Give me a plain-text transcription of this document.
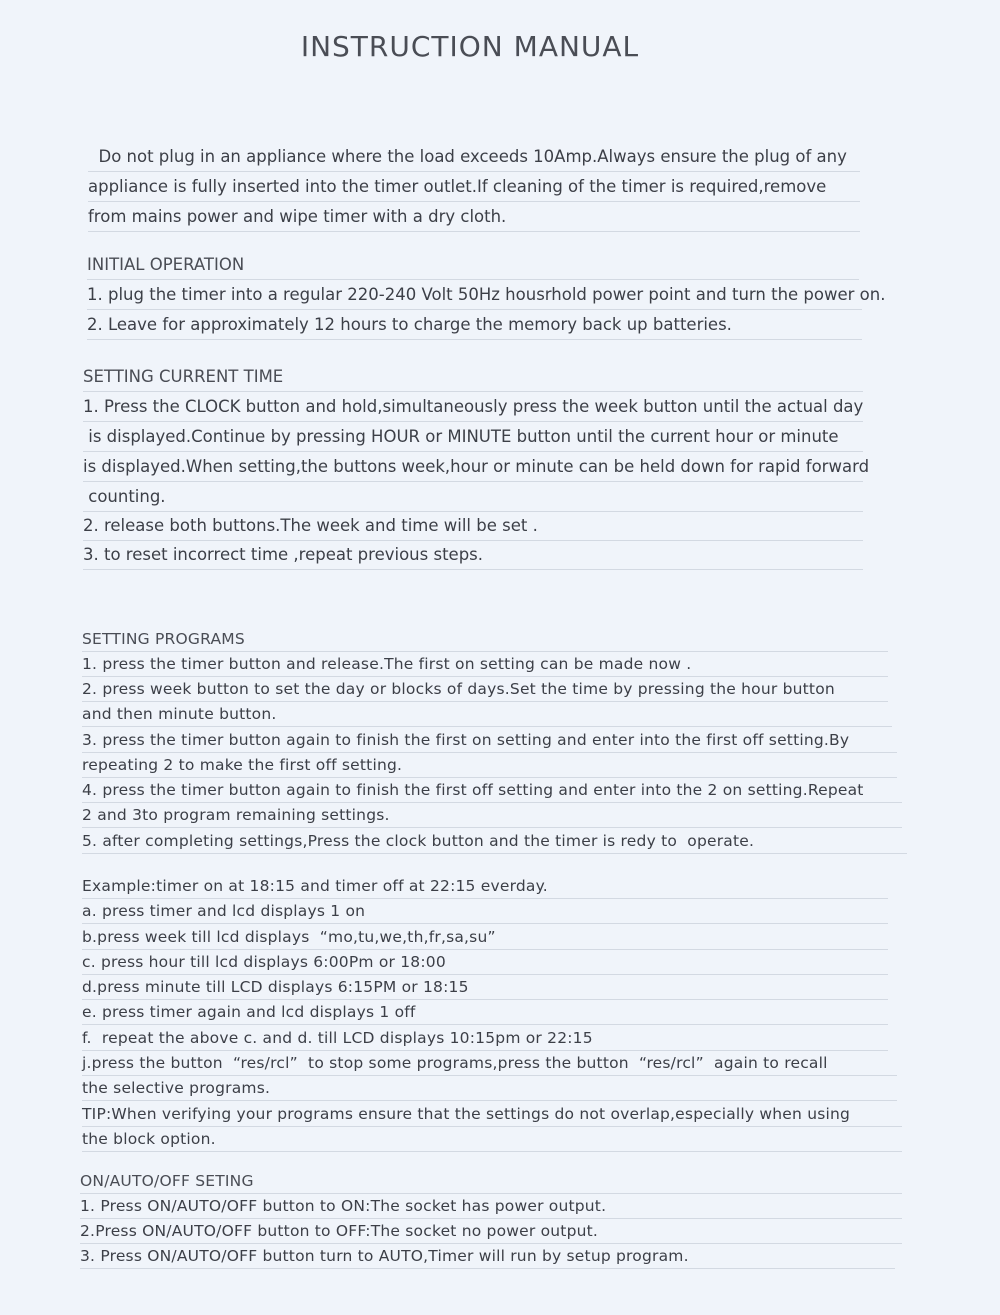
INSTRUCTION MANUAL
Do not plug in an appliance where the load exceeds 10Amp.Always ensure the plug of any
appliance is fully inserted into the timer outlet.If cleaning of the timer is required,remove
from mains power and wipe timer with a dry cloth.
INITIAL OPERATION
1. plug the timer into a regular 220-240 Volt 50Hz housrhold power point and turn the power on.
2. Leave for approximately 12 hours to charge the memory back up batteries.
SETTING CURRENT TIME
1. Press the CLOCK button and hold,simultaneously press the week button until the actual day
is displayed.Continue by pressing HOUR or MINUTE button until the current hour or minute
is displayed.When setting,the buttons week,hour or minute can be held down for rapid forward
counting.
2. release both buttons.The week and time will be set .
3. to reset incorrect time ,repeat previous steps.
SETTING PROGRAMS
1. press the timer button and release.The first on setting can be made now .
2. press week button to set the day or blocks of days.Set the time by pressing the hour button
and then minute button.
3. press the timer button again to finish the first on setting and enter into the first off setting.By
repeating 2 to make the first off setting.
4. press the timer button again to finish the first off setting and enter into the 2 on setting.Repeat
2 and 3to program remaining settings.
5. after completing settings,Press the clock button and the timer is redy to  operate.
Example:timer on at 18:15 and timer off at 22:15 everday.
a. press timer and lcd displays 1 on
b.press week till lcd displays  “mo,tu,we,th,fr,sa,su”
c. press hour till lcd displays 6:00Pm or 18:00
d.press minute till LCD displays 6:15PM or 18:15
e. press timer again and lcd displays 1 off
f.  repeat the above c. and d. till LCD displays 10:15pm or 22:15
j.press the button  “res/rcl”  to stop some programs,press the button  “res/rcl”  again to recall
the selective programs.
TIP:When verifying your programs ensure that the settings do not overlap,especially when using
the block option.
ON/AUTO/OFF SETING
1. Press ON/AUTO/OFF button to ON:The socket has power output.
2.Press ON/AUTO/OFF button to OFF:The socket no power output.
3. Press ON/AUTO/OFF button turn to AUTO,Timer will run by setup program.
